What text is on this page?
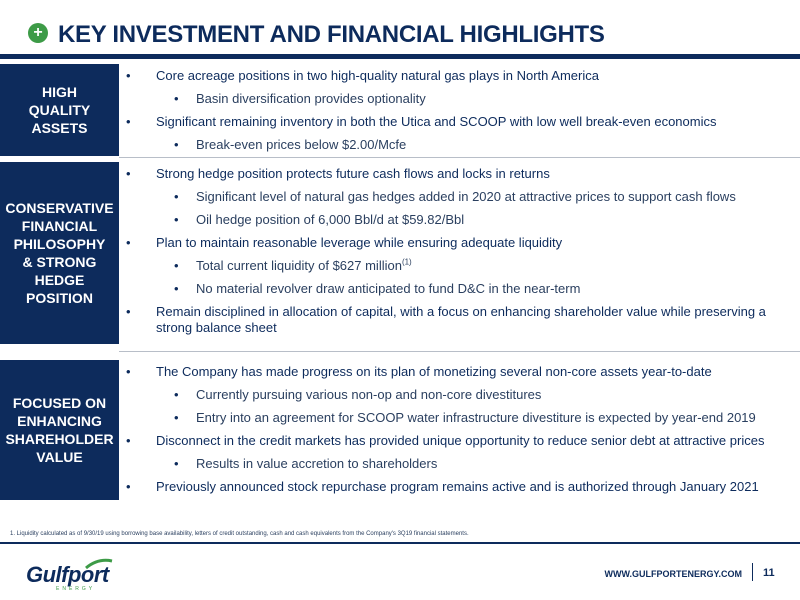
+ KEY INVESTMENT AND FINANCIAL HIGHLIGHTS
HIGH
QUALITY
ASSETS
• Core acreage positions in two high-quality natural gas plays in North America
• Basin diversification provides optionality
• Significant remaining inventory in both the Utica and SCOOP with low well break-even economics
• Break-even prices below $2.00/Mcfe
CONSERVATIVE
FINANCIAL
PHILOSOPHY
& STRONG
HEDGE
POSITION
• Strong hedge position protects future cash flows and locks in returns
• Significant level of natural gas hedges added in 2020 at attractive prices to support cash flows
• Oil hedge position of 6,000 Bbl/d at $59.82/Bbl
• Plan to maintain reasonable leverage while ensuring adequate liquidity
• Total current liquidity of $627 million$^{(1)}$
• No material revolver draw anticipated to fund D&C in the near-term
• Remain disciplined in allocation of capital, with a focus on enhancing shareholder value while preserving a strong balance sheet
FOCUSED ON
ENHANCING
SHAREHOLDER
VALUE
• The Company has made progress on its plan of monetizing several non-core assets year-to-date
• Currently pursuing various non-op and non-core divestitures
• Entry into an agreement for SCOOP water infrastructure divestiture is expected by year-end 2019
• Disconnect in the credit markets has provided unique opportunity to reduce senior debt at attractive prices
• Results in value accretion to shareholders
• Previously announced stock repurchase program remains active and is authorized through January 2021
1. Liquidity calculated as of 9/30/19 using borrowing base availability, letters of credit outstanding, cash and cash equivalents from the Company's 3Q19 financial statements.
Gulfport
ENERGY
WWW.GULFPORTENERGY.COM 11
